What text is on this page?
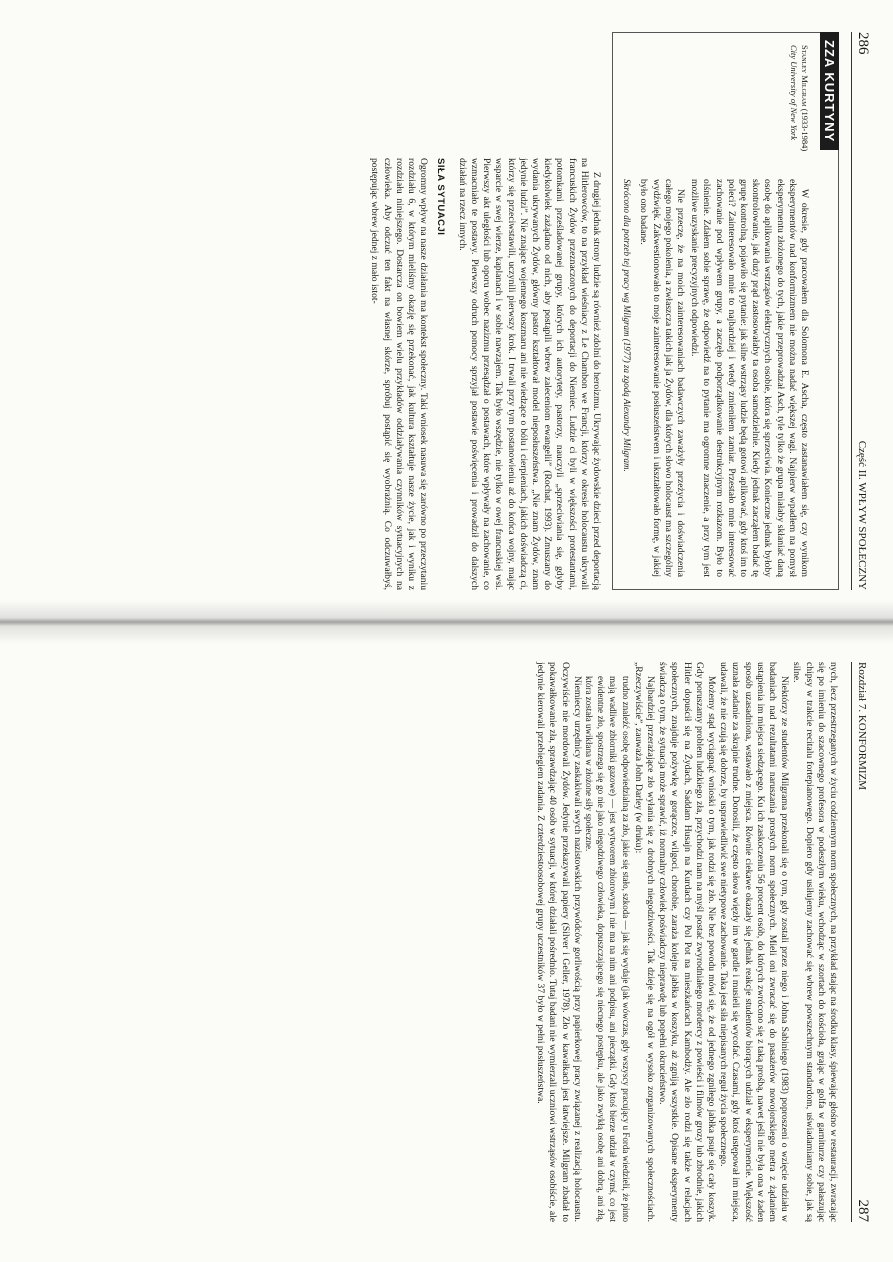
286
Część II. WPŁYW SPOŁECZNY
ZZA KURTYNY
Stanley Milgram (1933-1984)
City University of New York

W okresie, gdy pracowałem dla Solomona E. Ascha, często zastanawiałem się, czy wynikom eksperymentów nad konformizmem nie można nadać większej wagi. Najpierw wpadłem na pomysł eksperymentu złożonego do tych, jakie przeprowadzał Asch, tyle tylko że grupa miałaby skłaniać daną osobę do aplikowania wstrząsów elektrycznych osobie, która się sprzeciwia. Konieczne jednak byłoby skontrolowanie, jak duży prąd zastosowałaby ta osoba samodzielnie. Kiedy jednak zacząłem badać tę grupę kontrolną, pojawiło się pytanie: jak silne wstrząsy ludzie będą gotowi aplikować, gdy ktoś im to poleci? Zainteresowało mnie to najbardziej i wtedy zmieniłem zamiar. Przestało mnie interesować zachowanie pod wpływem grupy, a zaczęło podporządkowanie destrukcyjnym rozkazom. Było to olśnienie. Zdałem sobie sprawę, że odpowiedź na to pytanie ma ogromne znaczenie, a przy tym jest możliwe uzyskanie precyzyjnych odpowiedzi.

Nie przeczę, że na moich zainteresowaniach badawczych zaważyły przeżycia i doświadczenia całego mojego pokolenia, a zwłaszcza takich jak ja Żydów, dla których słowo holocaust ma szczególny wydźwięk. Zakwestionowało to moje zainteresowanie posłuszeństwem i ukształtowało formę, w jakiej było ono badane.

Skrócono dla potrzeb tej pracy wg Milgram (1977) za zgodą Alexandry Milgram.

Z drugiej jednak strony ludzie są również zdolni do heroizmu. Ukrywając żydowskie dzieci przed deportacją na Hitlerowców, to na przykład wieśniacy z Le Chambon we Francji, którzy w okresie holocaustu ukrywali francuskich Żydów przeznaczonych do deportacji do Niemiec. Ludzie ci byli w większości protestantami, potomkami prześladowanej grupy, których ich autorytety, pastorzy, nauczyli „sprzeciwiania się, gdyby kiedykolwiek zażądano od nich, aby postąpili wbrew zaleceniom ewangelii” (Rochat, 1993). Zmuszany do wydania ukrywanych Żydów, główny pastor kształtował model nieposłuszeństwa. „Nie znam Żydów, znam jedynie ludzi”. Nie znające wojennego koszmaru ani nie wiedzące o bólu i cierpieniach, jakich doświadczą ci, którzy się przeciwstawili, uczynili pierwszy krok. I trwali przy tym postanowieniu aż do końca wojny, mając wsparcie w swej wierze, kaplanach i w sobie nawzajem. Tak było wszędzie, nie tylko w owej francuskiej wsi. Pierwszy akt uległości lub oporu wobec nazizmu przesądzał o postawach, które wpływały na zachowanie, co wzmacniało te postawy. Pierwszy odruch pomocy sprzyjał postawie poświęcenia i prowadził do dalszych działań na rzecz innych.

SIŁA SYTUACJI

Ogromny wpływ na nasze działania ma kontekst społeczny. Taki wniosek nasuwa się zarówno po przeczytaniu rozdziału 6, w którym mieliśmy okazję się przekonać, jak kultura kształtuje nasze życie, jak i wyniku z rozdziału niniejszego. Dostarcza on bowiem wielu przykładów oddziaływania czynników sytuacyjnych na człowieka. Aby odczuć ten fakt na własnej skórze, spróbuj postąpić się wyobrażnią. Co odczuwałbyś, postępując wbrew jednej z mało istot-

287
Rozdział 7. KONFORMIZM

nych, lecz przestrzeganych w życiu codziennym norm społecznych, na przykład stając na środku klasy, śpiewając głośno w restauracji, zwracając się po imieniu do szacownego profesora w podeszłym wieku, wchodząc w szortach do kościoła, grając w golfa w garniturze czy pałaszując chipsy w trakcie recitalu fortepianowego. Dopiero gdy usiłujemy zachować się wbrew powszechnym standardom, uświadamiamy sobie, jak są silne.

Niektórzy ze studentów Milgrama przekonali się o tym, gdy zostali przez niego i Johna Sabiniego (1983) poproszeni o wzięcie udziału w badaniach nad rezultatami naruszania prostych norm społecznych. Mieli oni zwracać się do pasażerów nowojorskiego metra z żądaniem ustąpienia im miejsca siedzącego. Ku ich zaskoczeniu 56 procent osób, do których zwrócono się z taką prośbą, nawet jeśli nie była ona w żaden sposób uzasadniona, wstawało z miejsca. Równie ciekawe okazały się jednak reakcje studentów biorących udział w eksperymencie. Większość uznała zadanie za skrajnie trudne. Donosili, że często słowa więzły im w gardle i musieli się wycofać. Czasami, gdy ktoś ustępował im miejsca, udawali, że nie czują się dobrze, by usprawiedliwić swe nietypowe zachowanie. Taka jest siła niepisanych reguł życia społecznego.

Możemy stąd wyciągnąć wnioski o tym, jak rodzi się zło. Nie bez powodu mówi się, że od jednego zgniłego jabłka psuje się cały koszyk. Gdy poruszamy problem ludzkiego zła, przychodzi nam na myśl postać zwyrodniałego mordercy z powieści i filmów grozy lub zbrodnie, jakich Hitler dopuścił się na Żydach, Saddam Husajn na Kurdach czy Pol Pot na mieszkańcach Kambodży. Ale zło rodzi się także w relacjach społecznych, znajduje pożywkę w gorączce, wilgoci, chorobie, zaraża kolejne jabłka w koszyku, aż zgniją wszystkie. Opisane eksperymenty świadczą o tym, że sytuacja może sprawić, iż normalny człowiek poświadczy nieprawdę lub popełni okrucieństwo.

Najbardziej przerażające zło wyłania się z drobnych niegodziwości. Tak dzieje się na ogół w wysoko zorganizowanych społecznościach. „Rzeczywiście”, zauważa John Darley (w druku):

trudno znaleźć osobę odpowiedzialną za zło, jakie się stało, szkoda — jak się wydaje (jak wówczas, gdy wszyscy pracujący u Forda wiedzieli, że pinto mają wadliwe zbiorniki gazowe) — jest wytworem zbiorowym i nie ma na nim ani podpisu, ani pieczątki. Gdy ktoś bierze udział w czymś, co jest ewidentne zło, spostrzega się go nie jako niegodziwego człowieka, dopuszczającego się niecnego postępku, ale jako zwykłą osobę ani dobrą, ani złą, która została uwikłana w złożone siły społeczne.

Niemieccy urzędnicy zaskakiwali swych nazistowskich przywódców gorliwością przy papierkowej pracy związanej z realizacją holocaustu. Oczywiście nie mordowali Żydów. Jedynie przekazywali papiery (Silver i Geller, 1978). Zło w kawałkach jest łatwiejsze. Milgram zbadał to pokawałkowanie zła, sprawdzając 40 osób w sytuacji, w której działali pośrednio. Tutaj badani nie wymierzali uczniowi wstrząsów osobiście, ale jedynie kierowali przebiegiem zadania. Z czterdziestoosobowej grupy uczestników 37 było w pełni posłuszeństwa.
